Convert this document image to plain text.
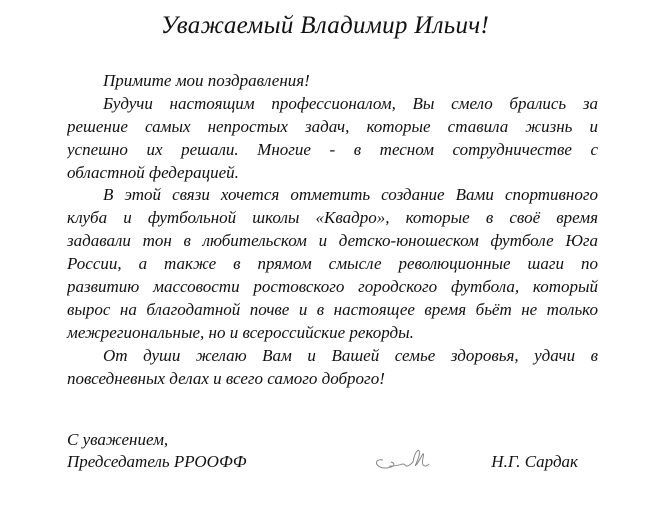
Уважаемый Владимир Ильич!
Примите мои поздравления!
Будучи настоящим профессионалом, Вы смело брались за
решение самых непростых задач, которые ставила жизнь и
успешно их решали. Многие - в тесном сотрудничестве с
областной федерацией.
В этой связи хочется отметить создание Вами спортивного
клуба и футбольной школы «Квадро», которые в своё время
задавали тон в любительском и детско-юношеском футболе Юга
России, а также в прямом смысле революционные шаги по
развитию массовости ростовского городского футбола, который
вырос на благодатной почве и в настоящее время бьёт не только
межрегиональные, но и всероссийские рекорды.
От души желаю Вам и Вашей семье здоровья, удачи в
повседневных делах и всего самого доброго!
С уважением,
Председатель РРООФФ	Н.Г. Сардак
